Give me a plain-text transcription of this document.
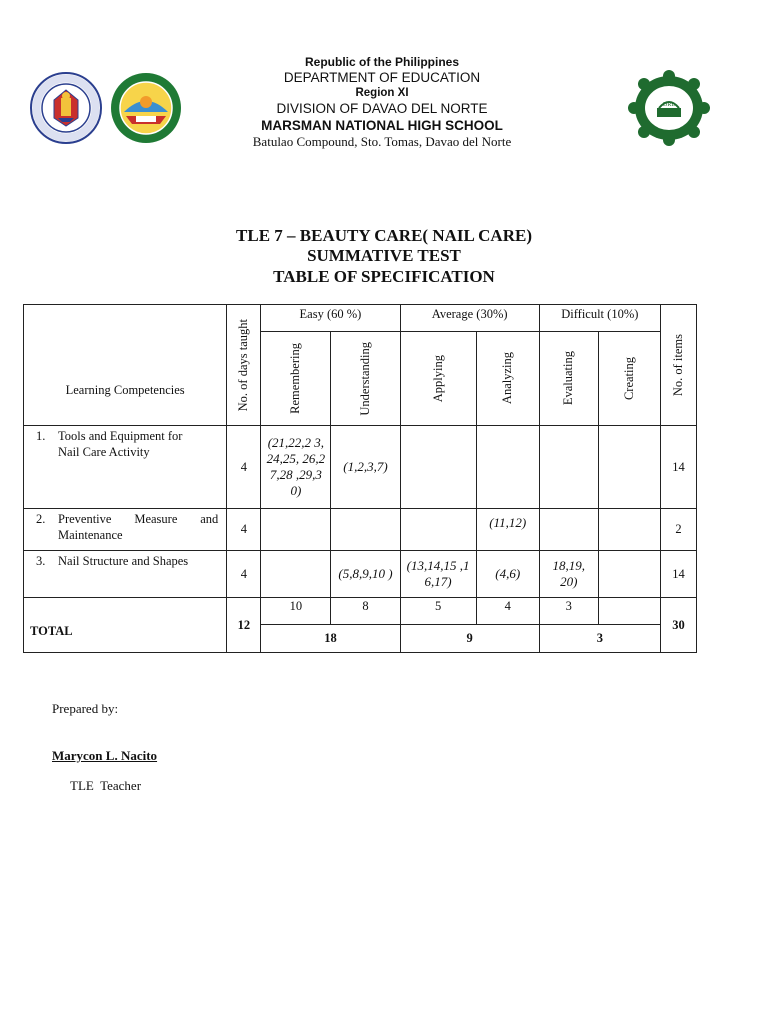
DRL
Republic of the Philippines
DEPARTMENT OF EDUCATION
Region XI
DIVISION OF DAVAO DEL NORTE
MARSMAN NATIONAL HIGH SCHOOL
Batulao Compound, Sto. Tomas, Davao del Norte
TLE 7 – BEAUTY CARE( NAIL CARE)
SUMMATIVE TEST
TABLE OF SPECIFICATION
Learning Competencies	No. of days taught	Easy (60 %)		Average (30%)		Difficult (10%)		No. of items

		Remembering	Understanding	Applying	Analyzing	Evaluating	Creating	

1. Tools and Equipment for
Nail Care Activity	4	(21,22,2 3,24,25, 26,27,28 ,29,30)	(1,2,3,7)					14

2. Preventive Measure and
Maintenance	4				(11,12)			2

3. Nail Structure and Shapes	4		(5,8,9,10 )	(13,14,15 ,16,17)	(4,6)	18,19, 20)		14
TOTAL	12	10	8	5	4	3		30
		18		9		3		
Prepared by:
Marycon L. Nacito
TLE  Teacher
